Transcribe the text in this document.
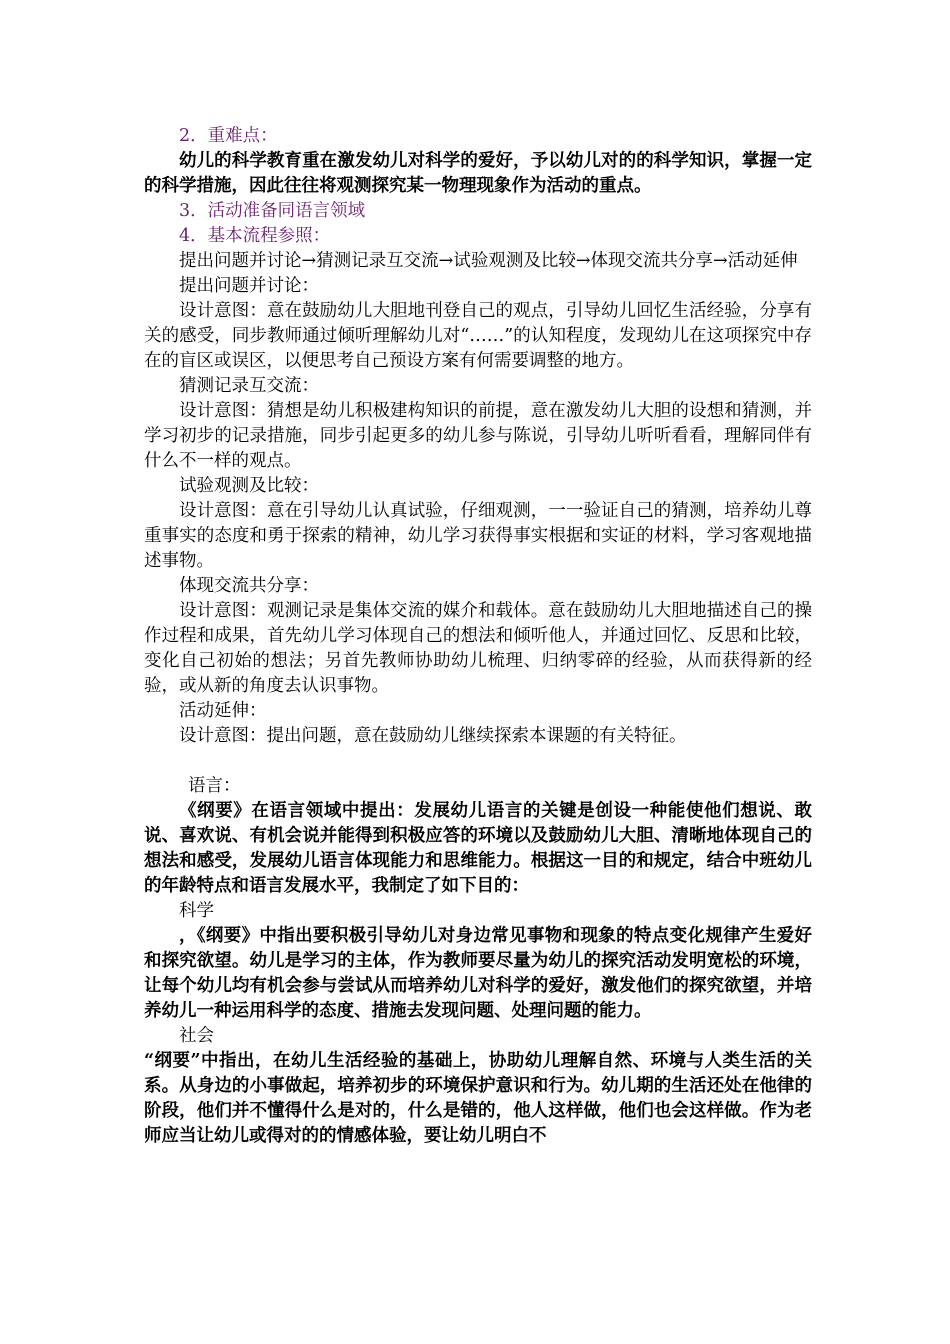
2．重难点：

幼儿的科学教育重在激发幼儿对科学的爱好，予以幼儿对的的科学知识，掌握一定的科学措施，因此往往将观测探究某一物理现象作为活动的重点。

3．活动准备同语言领域

4．基本流程参照：

提出问题并讨论→猜测记录互交流→试验观测及比较→体现交流共分享→活动延伸

提出问题并讨论：

设计意图：意在鼓励幼儿大胆地刊登自己的观点，引导幼儿回忆生活经验，分享有关的感受，同步教师通过倾听理解幼儿对“……”的认知程度，发现幼儿在这项探究中存在的盲区或误区，以便思考自己预设方案有何需要调整的地方。

猜测记录互交流：

设计意图：猜想是幼儿积极建构知识的前提，意在激发幼儿大胆的设想和猜测，并学习初步的记录措施，同步引起更多的幼儿参与陈说，引导幼儿听听看看，理解同伴有什么不一样的观点。

试验观测及比较：

设计意图：意在引导幼儿认真试验，仔细观测，一一验证自己的猜测，培养幼儿尊重事实的态度和勇于探索的精神，幼儿学习获得事实根据和实证的材料，学习客观地描述事物。

体现交流共分享：

设计意图：观测记录是集体交流的媒介和载体。意在鼓励幼儿大胆地描述自己的操作过程和成果，首先幼儿学习体现自己的想法和倾听他人，并通过回忆、反思和比较，变化自己初始的想法；另首先教师协助幼儿梳理、归纳零碎的经验，从而获得新的经验，或从新的角度去认识事物。

活动延伸：

设计意图：提出问题，意在鼓励幼儿继续探索本课题的有关特征。

语言：

《纲要》在语言领域中提出：发展幼儿语言的关键是创设一种能使他们想说、敢说、喜欢说、有机会说并能得到积极应答的环境以及鼓励幼儿大胆、清晰地体现自己的想法和感受，发展幼儿语言体现能力和思维能力。根据这一目的和规定，结合中班幼儿的年龄特点和语言发展水平，我制定了如下目的：

科学

，《纲要》中指出要积极引导幼儿对身边常见事物和现象的特点变化规律产生爱好和探究欲望。幼儿是学习的主体，作为教师要尽量为幼儿的探究活动发明宽松的环境，让每个幼儿均有机会参与尝试从而培养幼儿对科学的爱好，激发他们的探究欲望，并培养幼儿一种运用科学的态度、措施去发现问题、处理问题的能力。

社会

“纲要”中指出，在幼儿生活经验的基础上，协助幼儿理解自然、环境与人类生活的关系。从身边的小事做起，培养初步的环境保护意识和行为。幼儿期的生活还处在他律的阶段，他们并不懂得什么是对的，什么是错的，他人这样做，他们也会这样做。作为老师应当让幼儿或得对的的情感体验，要让幼儿明白不
